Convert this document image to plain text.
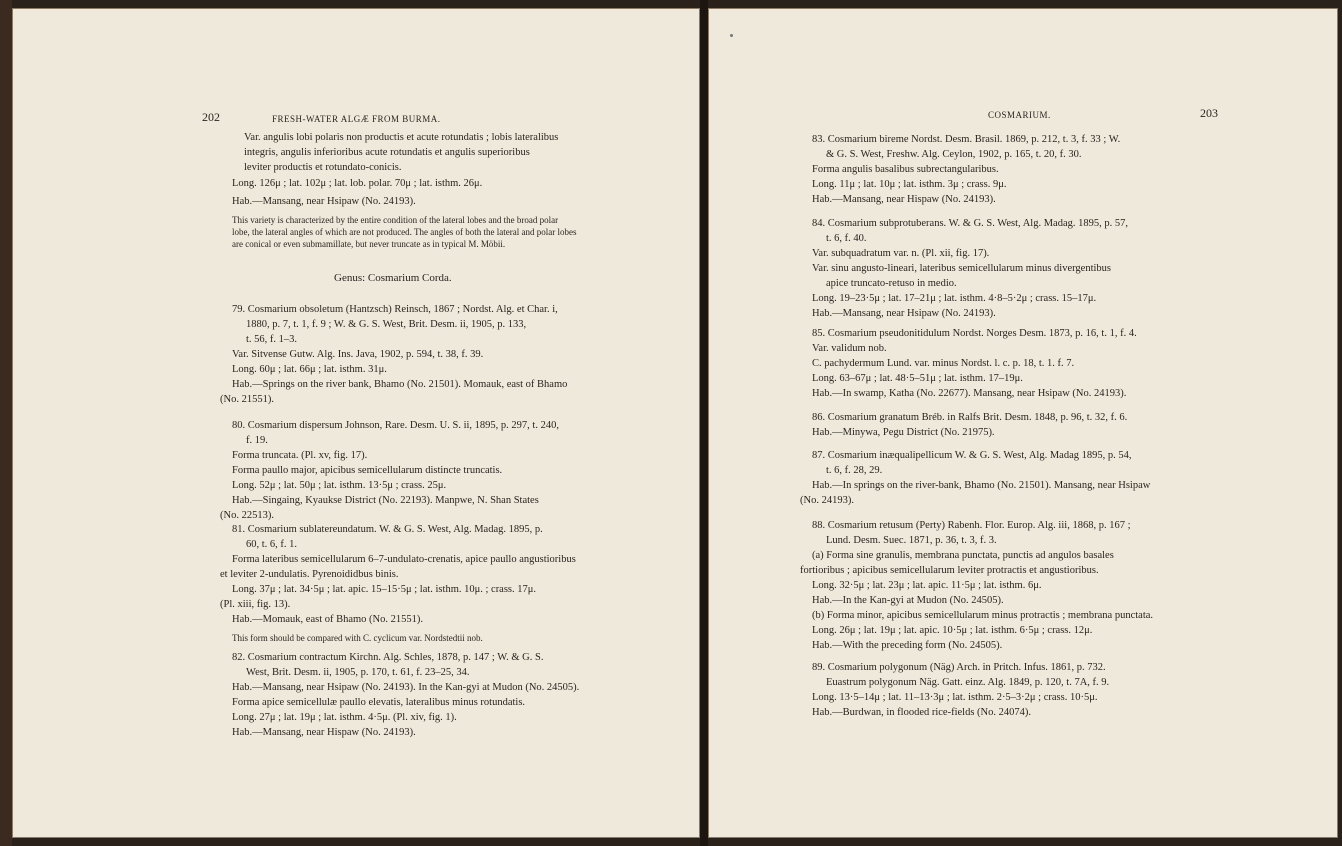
202	FRESH-WATER ALGÆ FROM BURMA.

Var. angulis lobi polaris non productis et acute rotundatis ; lobis lateralibus

integris, angulis inferioribus acute rotundatis et angulis superioribus

leviter productis et rotundato-conicis.

Long. 126μ ; lat. 102μ ; lat. lob. polar. 70μ ; lat. isthm. 26μ.

Hab.—Mansang, near Hsipaw (No. 24193).

This variety is characterized by the entire condition of the lateral lobes and the broad polar

lobe, the lateral angles of which are not produced. The angles of both the lateral and polar lobes

are conical or even submamillate, but never truncate as in typical M. Möbii.

Genus: Cosmarium Corda.

79. Cosmarium obsoletum (Hantzsch) Reinsch, 1867 ; Nordst. Alg. et Char. i,

1880, p. 7, t. 1, f. 9 ; W. & G. S. West, Brit. Desm. ii, 1905, p. 133,

t. 56, f. 1–3.

Var. Sitvense Gutw. Alg. Ins. Java, 1902, p. 594, t. 38, f. 39.

Long. 60μ ; lat. 66μ ; lat. isthm. 31μ.

Hab.—Springs on the river bank, Bhamo (No. 21501). Momauk, east of Bhamo

(No. 21551).

80. Cosmarium dispersum Johnson, Rare. Desm. U. S. ii, 1895, p. 297, t. 240,

f. 19.

Forma truncata. (Pl. xv, fig. 17).

Forma paullo major, apicibus semicellularum distincte truncatis.

Long. 52μ ; lat. 50μ ; lat. isthm. 13·5μ ; crass. 25μ.

Hab.—Singaing, Kyaukse District (No. 22193). Manpwe, N. Shan States

(No. 22513).

81. Cosmarium sublatereundatum. W. & G. S. West, Alg. Madag. 1895, p.

60, t. 6, f. 1.

Forma lateribus semicellularum 6–7-undulato-crenatis, apice paullo angustioribus

et leviter 2-undulatis. Pyrenoididbus binis.

Long. 37μ ; lat. 34·5μ ; lat. apic. 15–15·5μ ; lat. isthm. 10μ. ; crass. 17μ.

(Pl. xiii, fig. 13).

Hab.—Momauk, east of Bhamo (No. 21551).

This form should be compared with C. cyclicum var. Nordstedtii nob.

82. Cosmarium contractum Kirchn. Alg. Schles, 1878, p. 147 ; W. & G. S.

West, Brit. Desm. ii, 1905, p. 170, t. 61, f. 23–25, 34.

Hab.—Mansang, near Hsipaw (No. 24193). In the Kan-gyi at Mudon (No. 24505).

Forma apice semicellulæ paullo elevatis, lateralibus minus rotundatis.

Long. 27μ ; lat. 19μ ; lat. isthm. 4·5μ. (Pl. xiv, fig. 1).

Hab.—Mansang, near Hispaw (No. 24193).

COSMARIUM.	203

83. Cosmarium bireme Nordst. Desm. Brasil. 1869, p. 212, t. 3, f. 33 ; W.

& G. S. West, Freshw. Alg. Ceylon, 1902, p. 165, t. 20, f. 30.

Forma angulis basalibus subrectangularibus.

Long. 11μ ; lat. 10μ ; lat. isthm. 3μ ; crass. 9μ.

Hab.—Mansang, near Hispaw (No. 24193).

84. Cosmarium subprotuberans. W. & G. S. West, Alg. Madag. 1895, p. 57,

t. 6, f. 40.

Var. subquadratum var. n. (Pl. xii, fig. 17).

Var. sinu angusto-lineari, lateribus semicellularum minus divergentibus

apice truncato-retuso in medio.

Long. 19–23·5μ ; lat. 17–21μ ; lat. isthm. 4·8–5·2μ ; crass. 15–17μ.

Hab.—Mansang, near Hsipaw (No. 24193).

85. Cosmarium pseudonitidulum Nordst. Norges Desm. 1873, p. 16, t. 1, f. 4.

Var. validum nob.

C. pachydermum Lund. var. minus Nordst. l. c. p. 18, t. 1. f. 7.

Long. 63–67μ ; lat. 48·5–51μ ; lat. isthm. 17–19μ.

Hab.—In swamp, Katha (No. 22677). Mansang, near Hsipaw (No. 24193).

86. Cosmarium granatum Bréb. in Ralfs Brit. Desm. 1848, p. 96, t. 32, f. 6.

Hab.—Minywa, Pegu District (No. 21975).

87. Cosmarium inæqualipellicum W. & G. S. West, Alg. Madag 1895, p. 54,

t. 6, f. 28, 29.

Hab.—In springs on the river-bank, Bhamo (No. 21501). Mansang, near Hsipaw

(No. 24193).

88. Cosmarium retusum (Perty) Rabenh. Flor. Europ. Alg. iii, 1868, p. 167 ;

Lund. Desm. Suec. 1871, p. 36, t. 3, f. 3.

(a) Forma sine granulis, membrana punctata, punctis ad angulos basales

fortioribus ; apicibus semicellularum leviter protractis et angustioribus.

Long. 32·5μ ; lat. 23μ ; lat. apic. 11·5μ ; lat. isthm. 6μ.

Hab.—In the Kan-gyi at Mudon (No. 24505).

(b) Forma minor, apicibus semicellularum minus protractis ; membrana punctata.

Long. 26μ ; lat. 19μ ; lat. apic. 10·5μ ; lat. isthm. 6·5μ ; crass. 12μ.

Hab.—With the preceding form (No. 24505).

89. Cosmarium polygonum (Näg) Arch. in Pritch. Infus. 1861, p. 732.

Euastrum polygonum Näg. Gatt. einz. Alg. 1849, p. 120, t. 7A, f. 9.

Long. 13·5–14μ ; lat. 11–13·3μ ; lat. isthm. 2·5–3·2μ ; crass. 10·5μ.

Hab.—Burdwan, in flooded rice-fields (No. 24074).
